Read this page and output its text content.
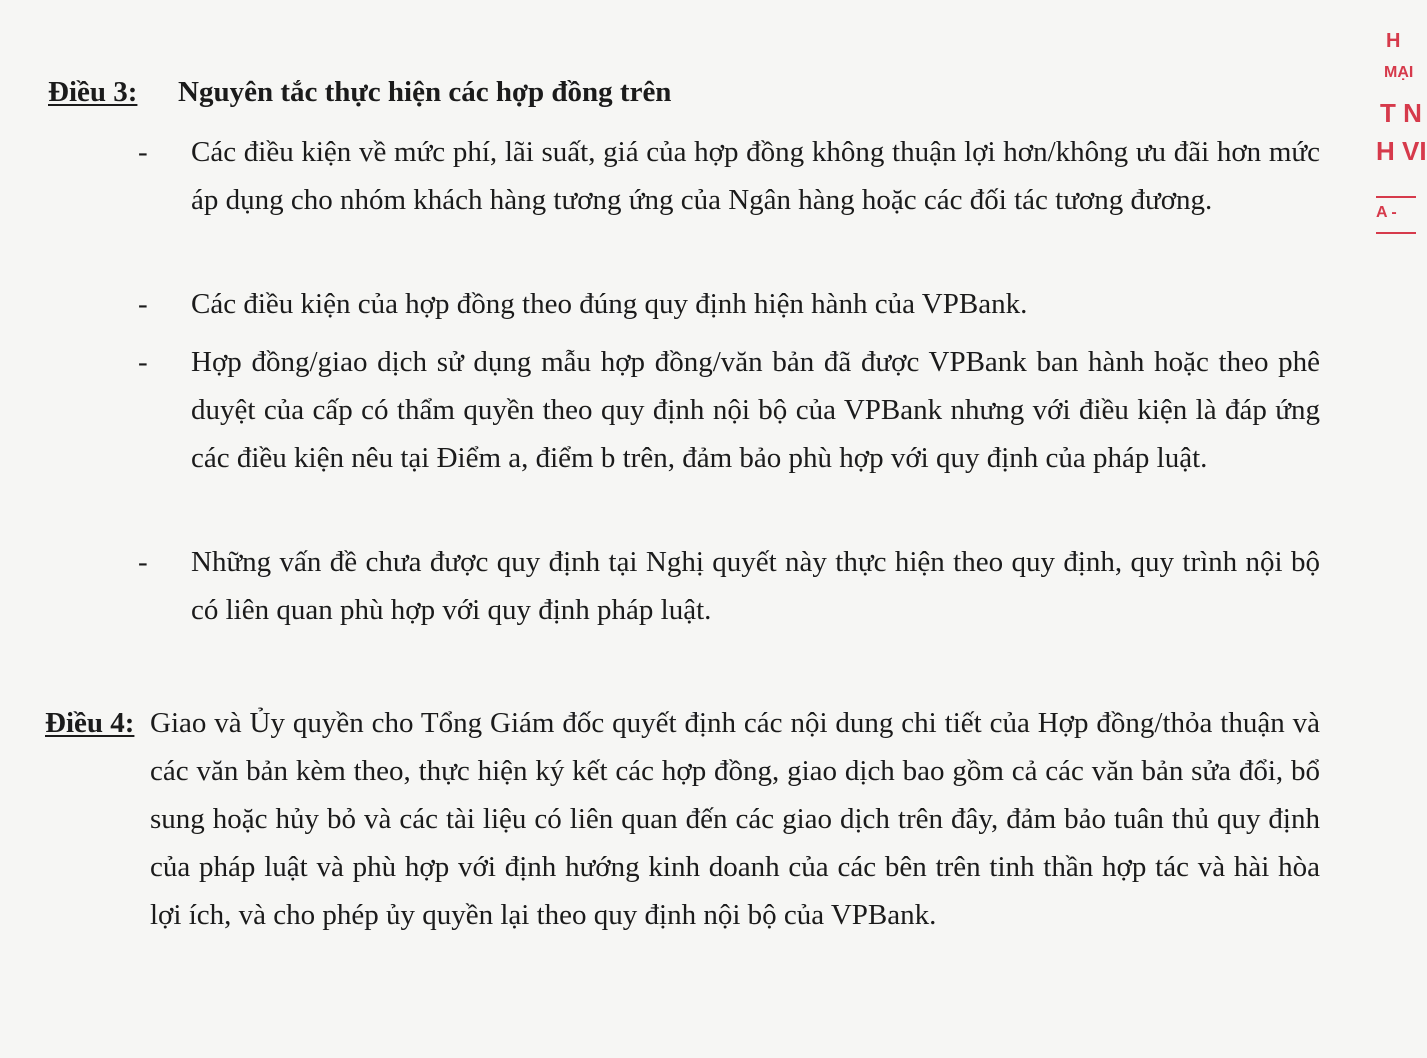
Điều 3: Nguyên tắc thực hiện các hợp đồng trên
- Các điều kiện về mức phí, lãi suất, giá của hợp đồng không thuận lợi hơn/không ưu đãi hơn mức áp dụng cho nhóm khách hàng tương ứng của Ngân hàng hoặc các đối tác tương đương.

- Các điều kiện của hợp đồng theo đúng quy định hiện hành của VPBank.

- Hợp đồng/giao dịch sử dụng mẫu hợp đồng/văn bản đã được VPBank ban hành hoặc theo phê duyệt của cấp có thẩm quyền theo quy định nội bộ của VPBank nhưng với điều kiện là đáp ứng các điều kiện nêu tại Điểm a, điểm b trên, đảm bảo phù hợp với quy định của pháp luật.

- Những vấn đề chưa được quy định tại Nghị quyết này thực hiện theo quy định, quy trình nội bộ có liên quan phù hợp với quy định pháp luật.

Điều 4: Giao và Ủy quyền cho Tổng Giám đốc quyết định các nội dung chi tiết của Hợp đồng/thỏa thuận và các văn bản kèm theo, thực hiện ký kết các hợp đồng, giao dịch bao gồm cả các văn bản sửa đổi, bổ sung hoặc hủy bỏ và các tài liệu có liên quan đến các giao dịch trên đây, đảm bảo tuân thủ quy định của pháp luật và phù hợp với định hướng kinh doanh của các bên trên tinh thần hợp tác và hài hòa lợi ích, và cho phép ủy quyền lại theo quy định nội bộ của VPBank.

H
MẠI
T N
H VI
A -
